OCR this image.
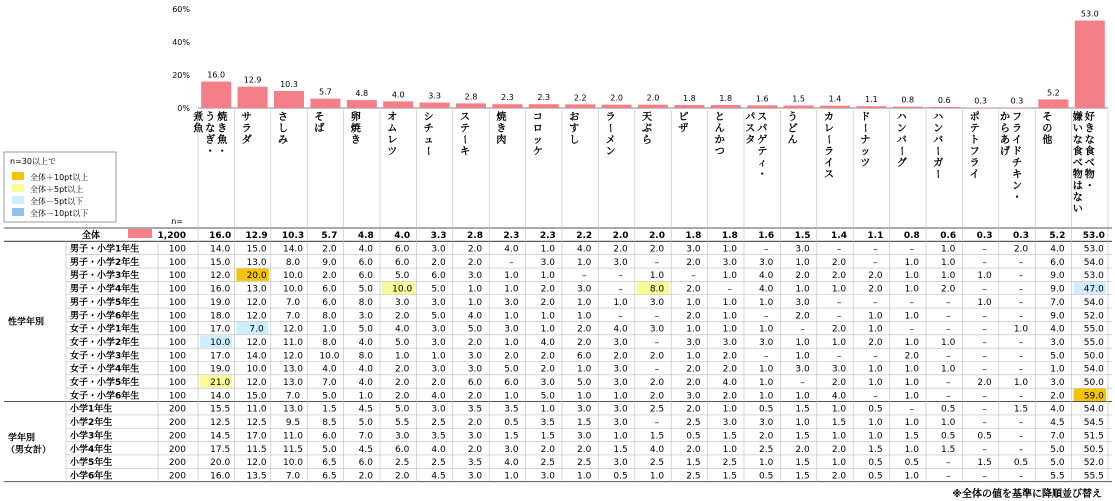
60%
40%
20%
0%
16.0
12.9 10.3
5.7	4.8	4.0	3.3	2.8	2.3	2.3	2.2	2.0	2.0	1.8	1.8	1.6	1.5	1.4	1.1	0.8	0.6	0.3	0.3
5.2
53.0
焼
き
魚
・
う
な
ぎ
・
煮
魚
サ
ラ
ダ
さ
し
み
そ
ば
卵
焼
き
オ
ム
レ
ツ
シ
チ
ュ
ー
ス
テ
ー
キ
焼
き
肉
コ
ロ
ッ
ケ
お
す
し
ラ
ー
メ
ン
天
ぷ
ら
ピ
ザ
と
ん
か
つ
ス
パ
ゲ
テ
ィ
・
パ
ス
タ
う
ど
ん
カ
レ
ー
ラ
イ
ス
ド
ー
ナ
ッ
ツ
ハ
ン
バ
ー
グ
ハ
ン
バ
ー
ガ
ー
ポ
テ
ト
フ
ラ
イ
フ
ラ
イ
ド
チ
キ
ン
・
か
ら
あ
げ
そ
の
他
好
き
な
食
べ
物
・
嫌
い
な
食
べ
物
は
な
い
n=30以上で
全体＋10pt以上
全体＋5pt以上
全体－5pt以下
全体－10pt以下
n=
性学年別
学年別
（男女計）
全体	1,200	16.0 12.9 10.3 5.7 4.8 4.0 3.3 2.8 2.3 2.3 2.2 2.0 2.0 1.8 1.8 1.6 1.5 1.4 1.1 0.8 0.6 0.3 0.3 5.2 53.0
男子・小学1年生	100	14.0 15.0 14.0 2.0 4.0 6.0 3.0 2.0 4.0 1.0 4.0 2.0 2.0 3.0 1.0	–	3.0	–	–	–	1.0	–	2.0 4.0 53.0
男子・小学2年生	100	15.0 13.0 8.0 9.0 6.0 6.0 2.0 2.0	–	3.0 1.0 3.0	–	2.0 3.0 3.0 1.0 2.0	–	1.0 1.0	–	–	6.0 54.0
男子・小学3年生	100	12.0 20.0 10.0 2.0 6.0 5.0 6.0 3.0 1.0 1.0	–	–	1.0	–	1.0 4.0 2.0 2.0 2.0 1.0 1.0 1.0	–	9.0 53.0
男子・小学4年生	100	16.0 13.0 10.0 6.0 5.0 10.0 5.0 1.0 1.0 2.0 3.0	–	8.0 2.0	–	4.0 1.0 1.0 2.0 1.0 2.0	–	–	9.0 47.0
男子・小学5年生	100	19.0 12.0 7.0 6.0 8.0 3.0 3.0 1.0 3.0 2.0 1.0 1.0 3.0 1.0 1.0 1.0 3.0	–	–	–	–	1.0	–	7.0 54.0
男子・小学6年生	100	18.0 12.0 7.0 8.0 3.0 2.0 5.0 4.0 1.0 1.0 1.0	–	–	2.0 1.0	–	2.0	–	1.0 1.0	–	–	–	9.0 52.0
女子・小学1年生	100	17.0 7.0 12.0 1.0 5.0 4.0 3.0 5.0 3.0 1.0 2.0 4.0 3.0 1.0 1.0 1.0	–	2.0 1.0	–	–	–	1.0 4.0 55.0
女子・小学2年生	100	10.0 12.0 11.0 8.0 4.0 5.0 3.0 2.0 1.0 4.0 2.0 3.0	–	3.0 3.0 3.0 1.0 1.0 2.0 1.0 1.0	–	–	3.0 55.0
女子・小学3年生	100	17.0 14.0 12.0 10.0 8.0 1.0 1.0 3.0 2.0 2.0 6.0 2.0 2.0 1.0 2.0	–	1.0	–	–	2.0	–	–	–	5.0 50.0
女子・小学4年生	100	19.0 10.0 13.0 4.0 4.0 2.0 3.0 3.0 5.0 2.0 1.0 3.0	–	2.0 2.0 1.0 3.0 3.0 1.0 1.0 1.0	–	–	1.0 54.0
女子・小学5年生	100	21.0 12.0 13.0 7.0 4.0 2.0 2.0 6.0 6.0 3.0 5.0 3.0 2.0 2.0 4.0 1.0	–	2.0 1.0 1.0	–	2.0 1.0 3.0 50.0
女子・小学6年生	100	14.0 15.0 7.0 5.0 1.0 2.0 4.0 2.0 1.0 5.0 1.0 1.0 2.0 3.0 2.0 1.0 1.0 4.0	–	1.0	–	–	–	2.0 59.0
小学1年生	200	15.5 11.0 13.0 1.5 4.5 5.0 3.0 3.5 3.5 1.0 3.0 3.0 2.5 2.0 1.0 0.5 1.5 1.0 0.5	–	0.5	–	1.5 4.0 54.0
小学2年生	200	12.5 12.5 9.5 8.5 5.0 5.5 2.5 2.0 0.5 3.5 1.5 3.0	–	2.5 3.0 3.0 1.0 1.5 1.0 1.0 1.0	–	–	4.5 54.5
小学3年生	200	14.5 17.0 11.0 6.0 7.0 3.0 3.5 3.0 1.5 1.5 3.0 1.0 1.5 0.5 1.5 2.0 1.5 1.0 1.0 1.5 0.5 0.5	–	7.0 51.5
小学4年生	200	17.5 11.5 11.5 5.0 4.5 6.0 4.0 2.0 3.0 2.0 2.0 1.5 4.0 2.0 1.0 2.5 2.0 2.0 1.5 1.0 1.5	–	–	5.0 50.5
小学5年生	200	20.0 12.0 10.0 6.5 6.0 2.5 2.5 3.5 4.0 2.5 2.5 3.0 2.5 1.5 2.5 1.0 1.5 1.0 0.5 0.5	–	1.5 0.5 5.0 52.0
小学6年生	200	16.0 13.5 7.0 6.5 2.0 2.0 4.5 3.0 1.0 3.0 1.0 0.5 1.0 2.5 1.5 0.5 1.5 2.0 0.5 1.0	–	–	–	5.5 55.5
※全体の値を基準に降順並び替え
